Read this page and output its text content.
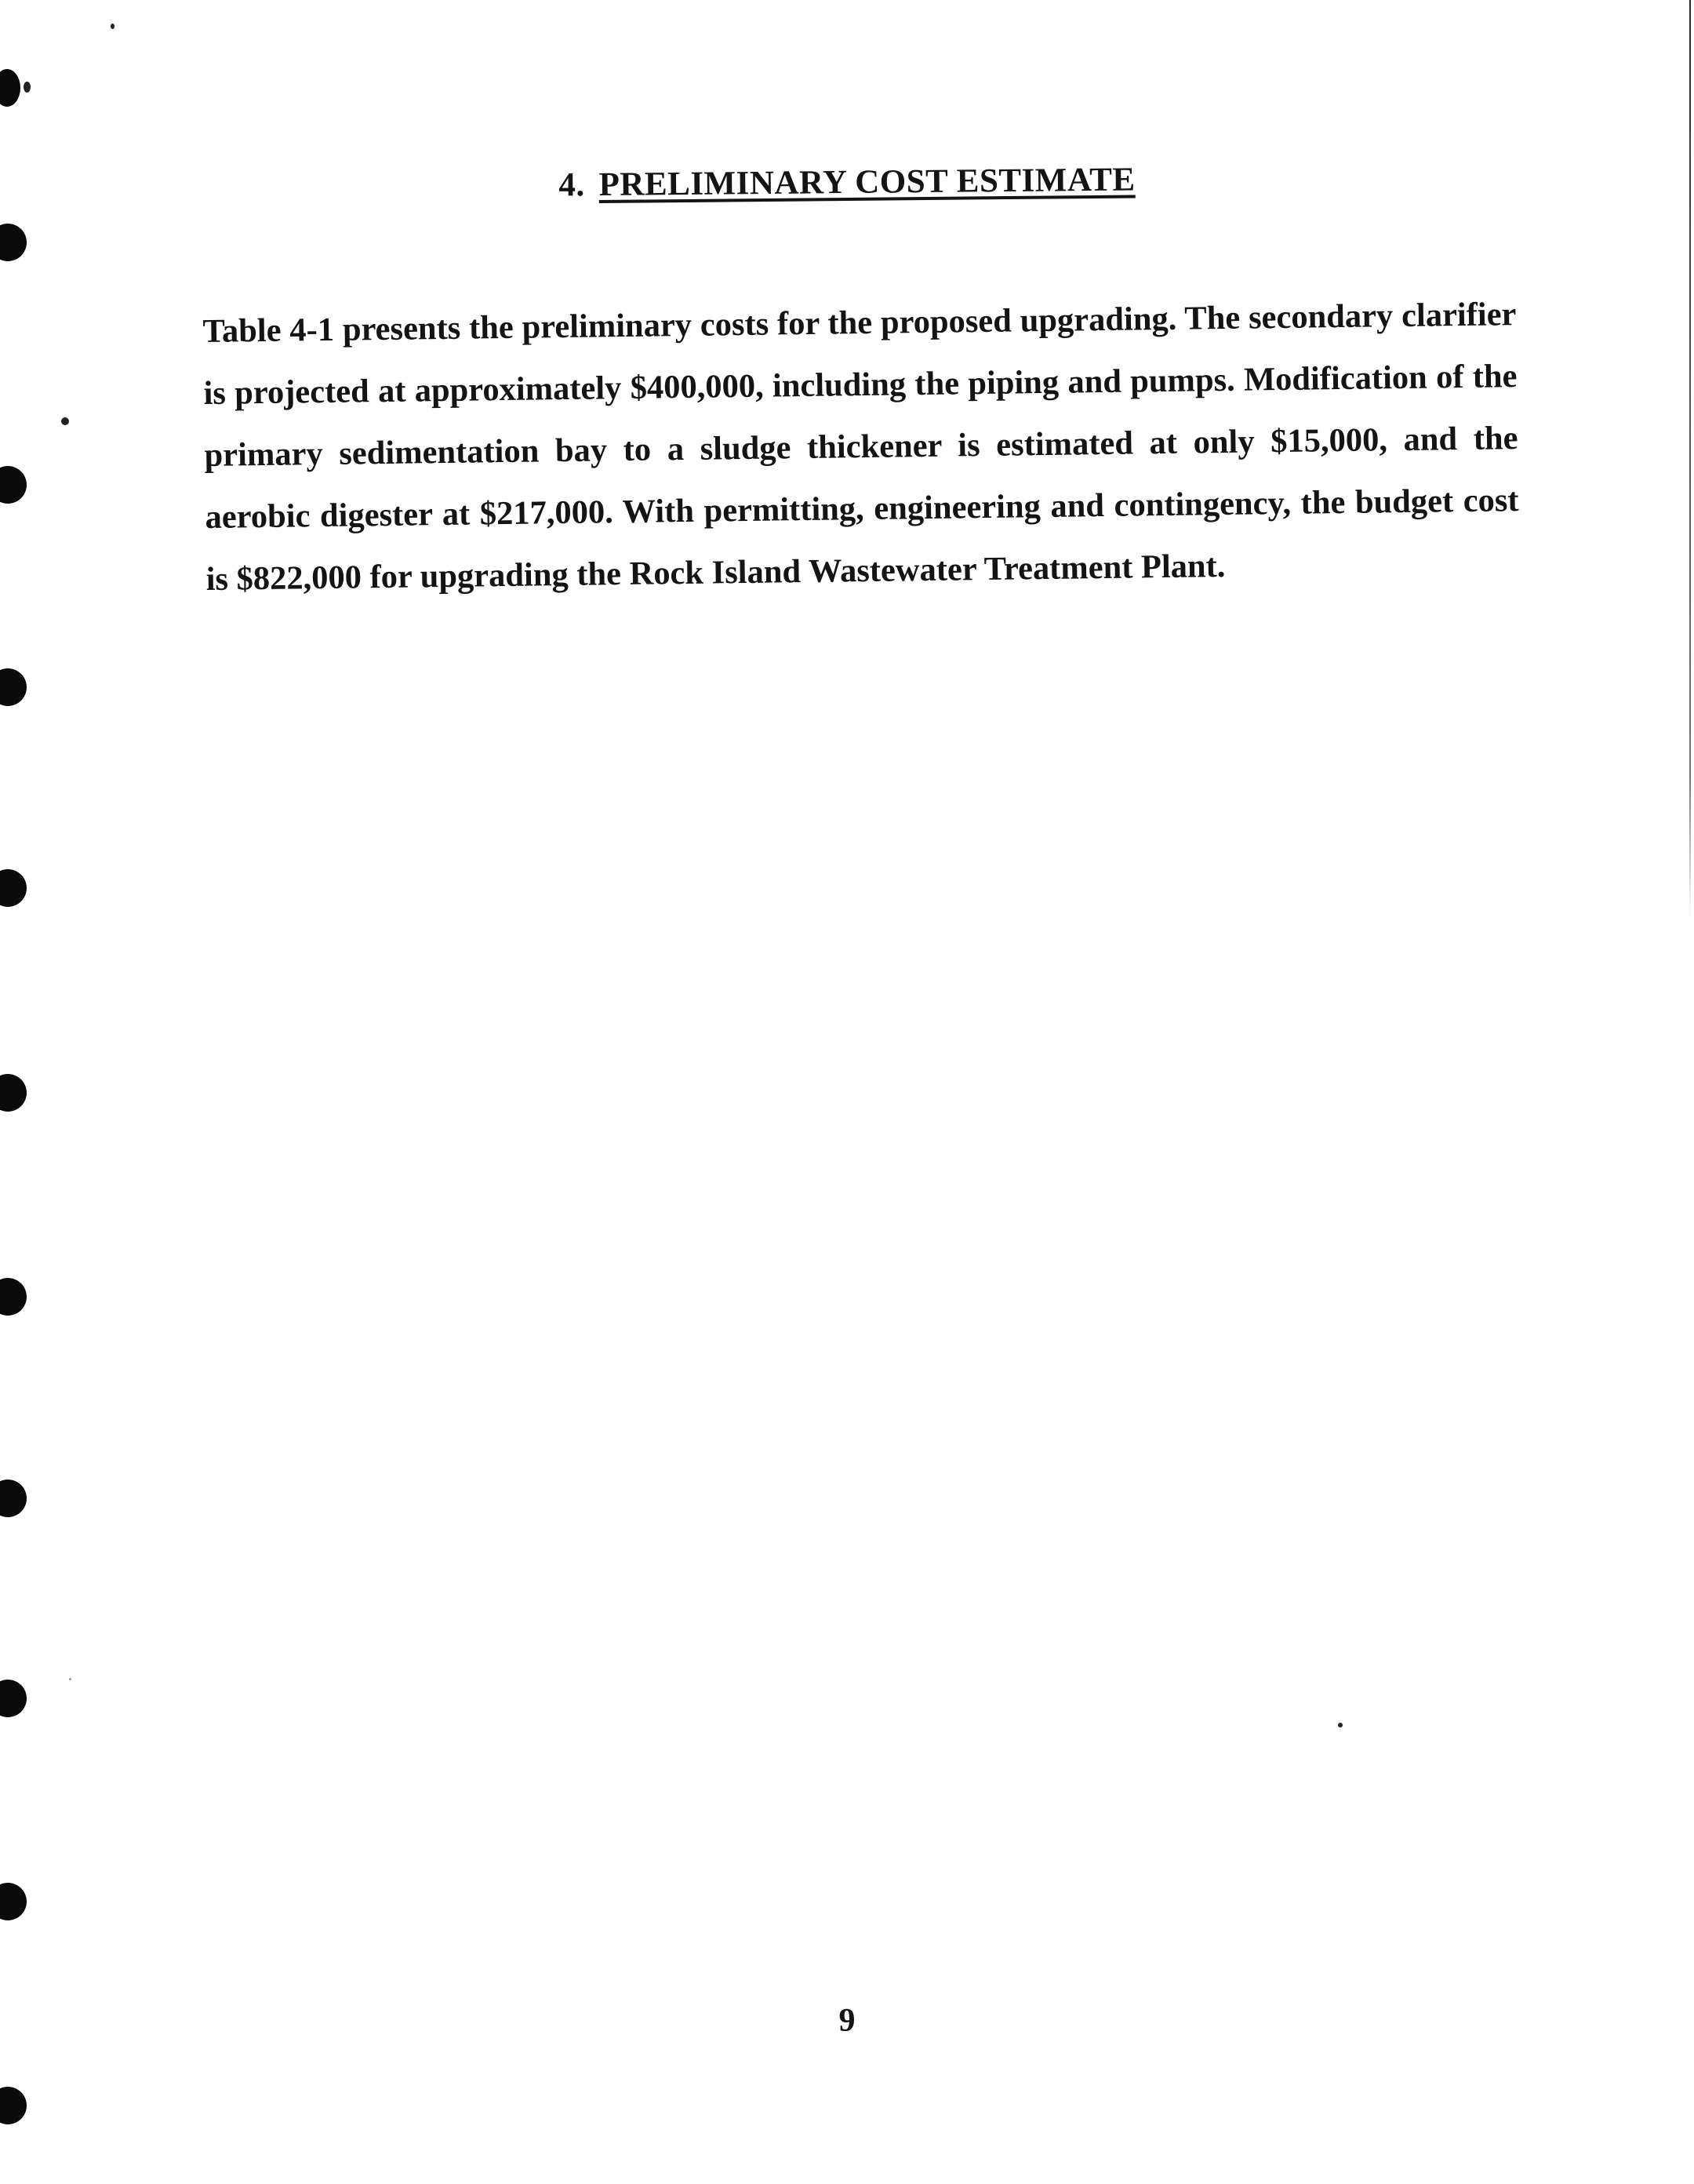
4. PRELIMINARY COST ESTIMATE

Table 4-1 presents the preliminary costs for the proposed upgrading. The secondary clarifier is projected at approximately $400,000, including the piping and pumps. Modification of the primary sedimentation bay to a sludge thickener is estimated at only $15,000, and the aerobic digester at $217,000. With permitting, engineering and contingency, the budget cost is $822,000 for upgrading the Rock Island Wastewater Treatment Plant.

9
